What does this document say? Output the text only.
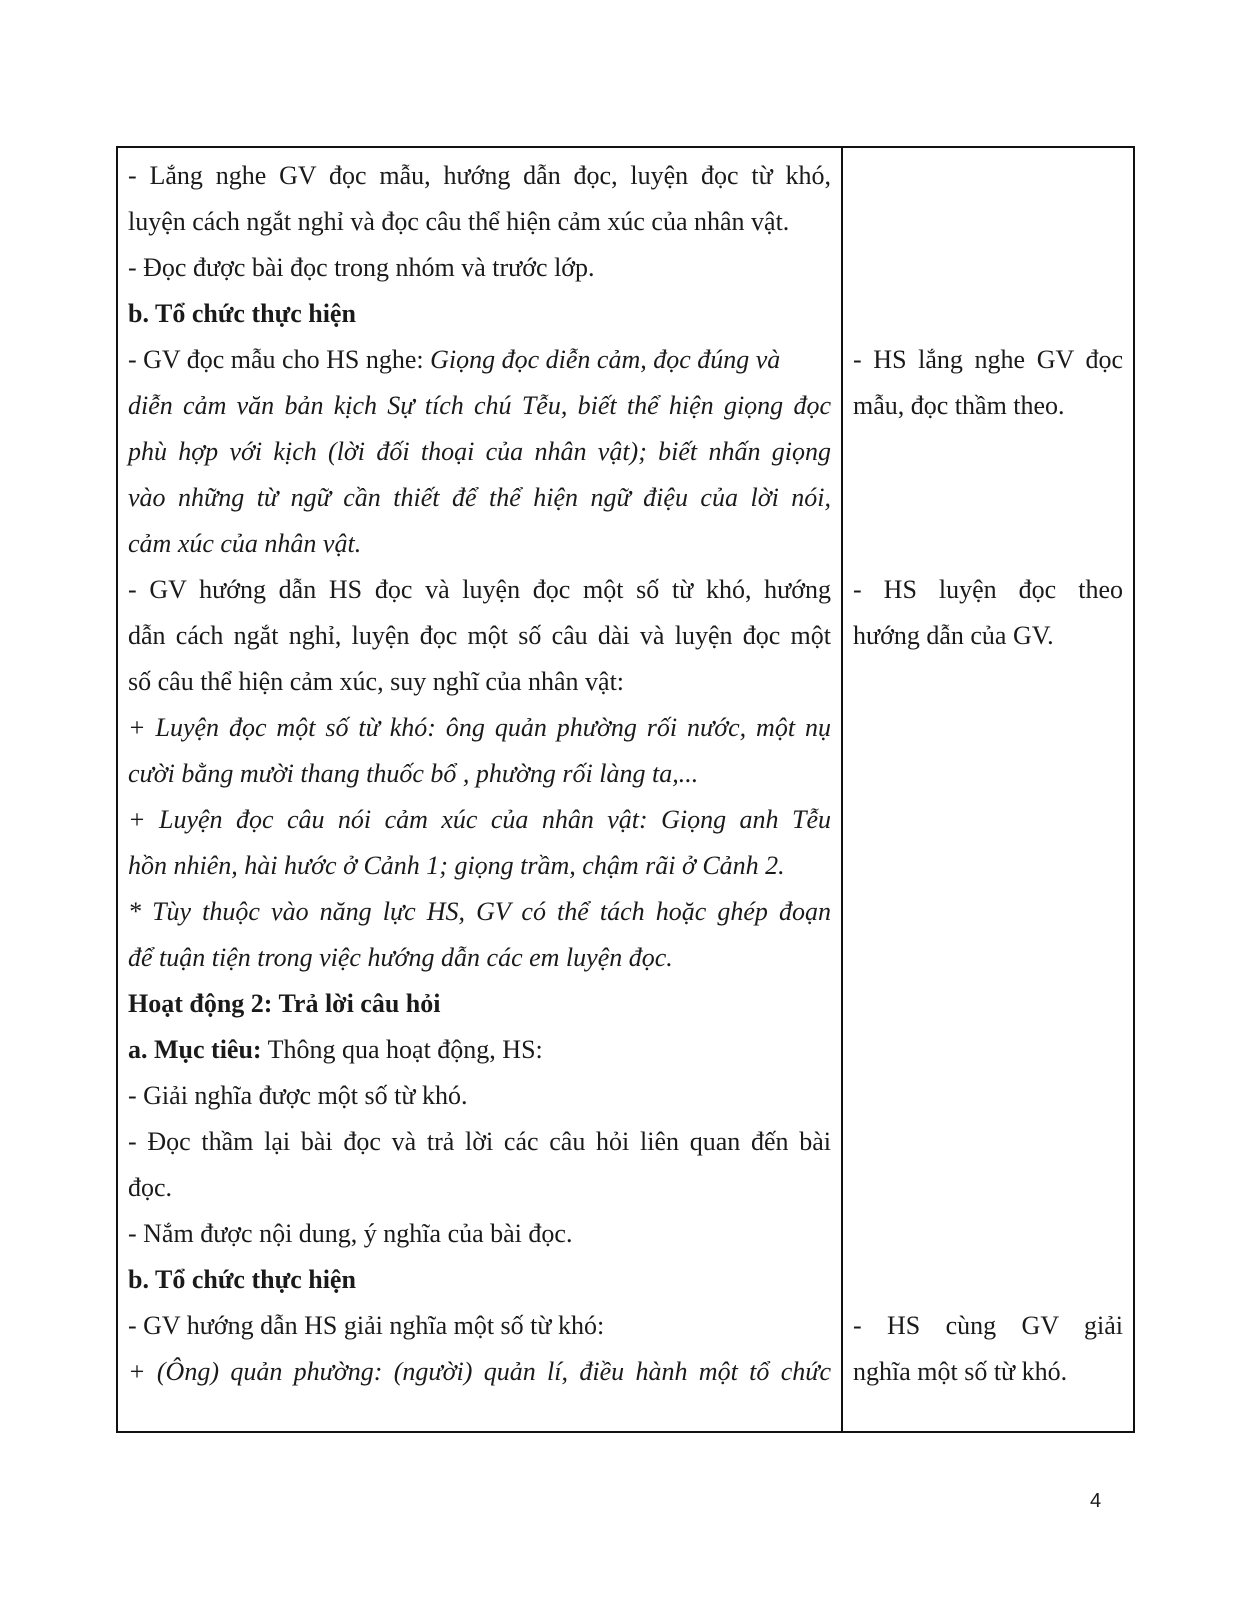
- Lắng nghe GV đọc mẫu, hướng dẫn đọc, luyện đọc từ khó,
luyện cách ngắt nghỉ và đọc câu thể hiện cảm xúc của nhân vật.
- Đọc được bài đọc trong nhóm và trước lớp.
b. Tổ chức thực hiện
- GV đọc mẫu cho HS nghe: Giọng đọc diễn cảm, đọc đúng và
diễn cảm văn bản kịch Sự tích chú Tễu, biết thể hiện giọng đọc
phù hợp với kịch (lời đối thoại của nhân vật); biết nhấn giọng
vào những từ ngữ cần thiết để thể hiện ngữ điệu của lời nói,
cảm xúc của nhân vật.
- GV hướng dẫn HS đọc và luyện đọc một số từ khó, hướng
dẫn cách ngắt nghỉ, luyện đọc một số câu dài và luyện đọc một
số câu thể hiện cảm xúc, suy nghĩ của nhân vật:
+ Luyện đọc một số từ khó: ông quản phường rối nước, một nụ
cười bằng mười thang thuốc bổ , phường rối làng ta,...
+ Luyện đọc câu nói cảm xúc của nhân vật: Giọng anh Tễu
hồn nhiên, hài hước ở Cảnh 1; giọng trầm, chậm rãi ở Cảnh 2.
* Tùy thuộc vào năng lực HS, GV có thể tách hoặc ghép đoạn
để tuận tiện trong việc hướng dẫn các em luyện đọc.
Hoạt động 2: Trả lời câu hỏi
a. Mục tiêu: Thông qua hoạt động, HS:
- Giải nghĩa được một số từ khó.
- Đọc thầm lại bài đọc và trả lời các câu hỏi liên quan đến bài
đọc.
- Nắm được nội dung, ý nghĩa của bài đọc.
b. Tổ chức thực hiện
- GV hướng dẫn HS giải nghĩa một số từ khó:
+ (Ông) quản phường: (người) quản lí, điều hành một tổ chức
- HS lắng nghe GV đọc
mẫu, đọc thầm theo.
- HS luyện đọc theo
hướng dẫn của GV.
- HS cùng GV giải
nghĩa một số từ khó.
4
